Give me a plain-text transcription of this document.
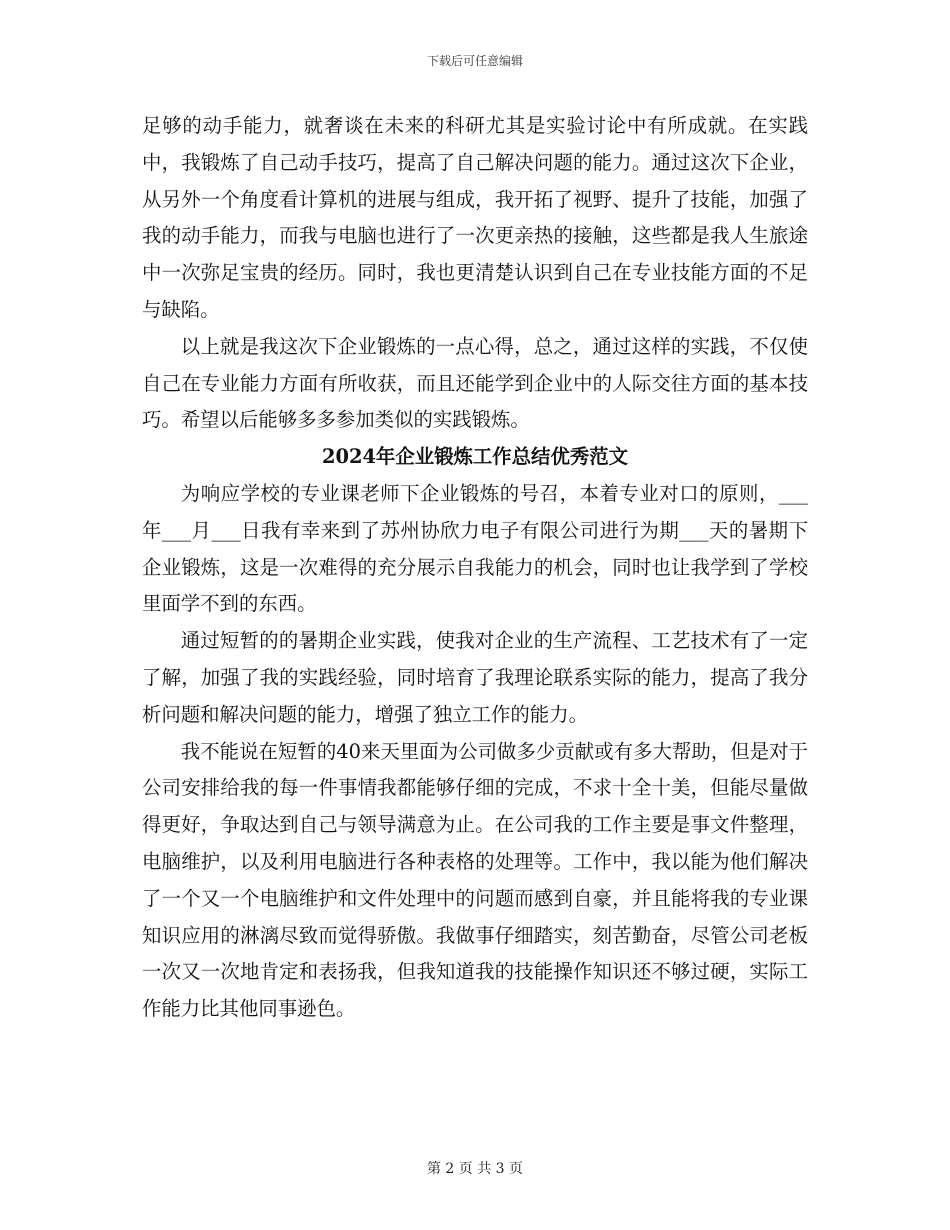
下载后可任意编辑

足够的动手能力，就奢谈在未来的科研尤其是实验讨论中有所成就。在实践中，我锻炼了自己动手技巧，提高了自己解决问题的能力。通过这次下企业，从另外一个角度看计算机的进展与组成，我开拓了视野、提升了技能，加强了我的动手能力，而我与电脑也进行了一次更亲热的接触，这些都是我人生旅途中一次弥足宝贵的经历。同时，我也更清楚认识到自己在专业技能方面的不足与缺陷。

以上就是我这次下企业锻炼的一点心得，总之，通过这样的实践，不仅使自己在专业能力方面有所收获，而且还能学到企业中的人际交往方面的基本技巧。希望以后能够多多参加类似的实践锻炼。

2024年企业锻炼工作总结优秀范文

为响应学校的专业课老师下企业锻炼的号召，本着专业对口的原则，___年___月___日我有幸来到了苏州协欣力电子有限公司进行为期___天的暑期下企业锻炼，这是一次难得的充分展示自我能力的机会，同时也让我学到了学校里面学不到的东西。

通过短暂的的暑期企业实践，使我对企业的生产流程、工艺技术有了一定了解，加强了我的实践经验，同时培育了我理论联系实际的能力，提高了我分析问题和解决问题的能力，增强了独立工作的能力。

我不能说在短暂的40来天里面为公司做多少贡献或有多大帮助，但是对于公司安排给我的每一件事情我都能够仔细的完成，不求十全十美，但能尽量做得更好，争取达到自己与领导满意为止。在公司我的工作主要是事文件整理，电脑维护，以及利用电脑进行各种表格的处理等。工作中，我以能为他们解决了一个又一个电脑维护和文件处理中的问题而感到自豪，并且能将我的专业课知识应用的淋漓尽致而觉得骄傲。我做事仔细踏实，刻苦勤奋，尽管公司老板一次又一次地肯定和表扬我，但我知道我的技能操作知识还不够过硬，实际工作能力比其他同事逊色。

第 2 页 共 3 页
